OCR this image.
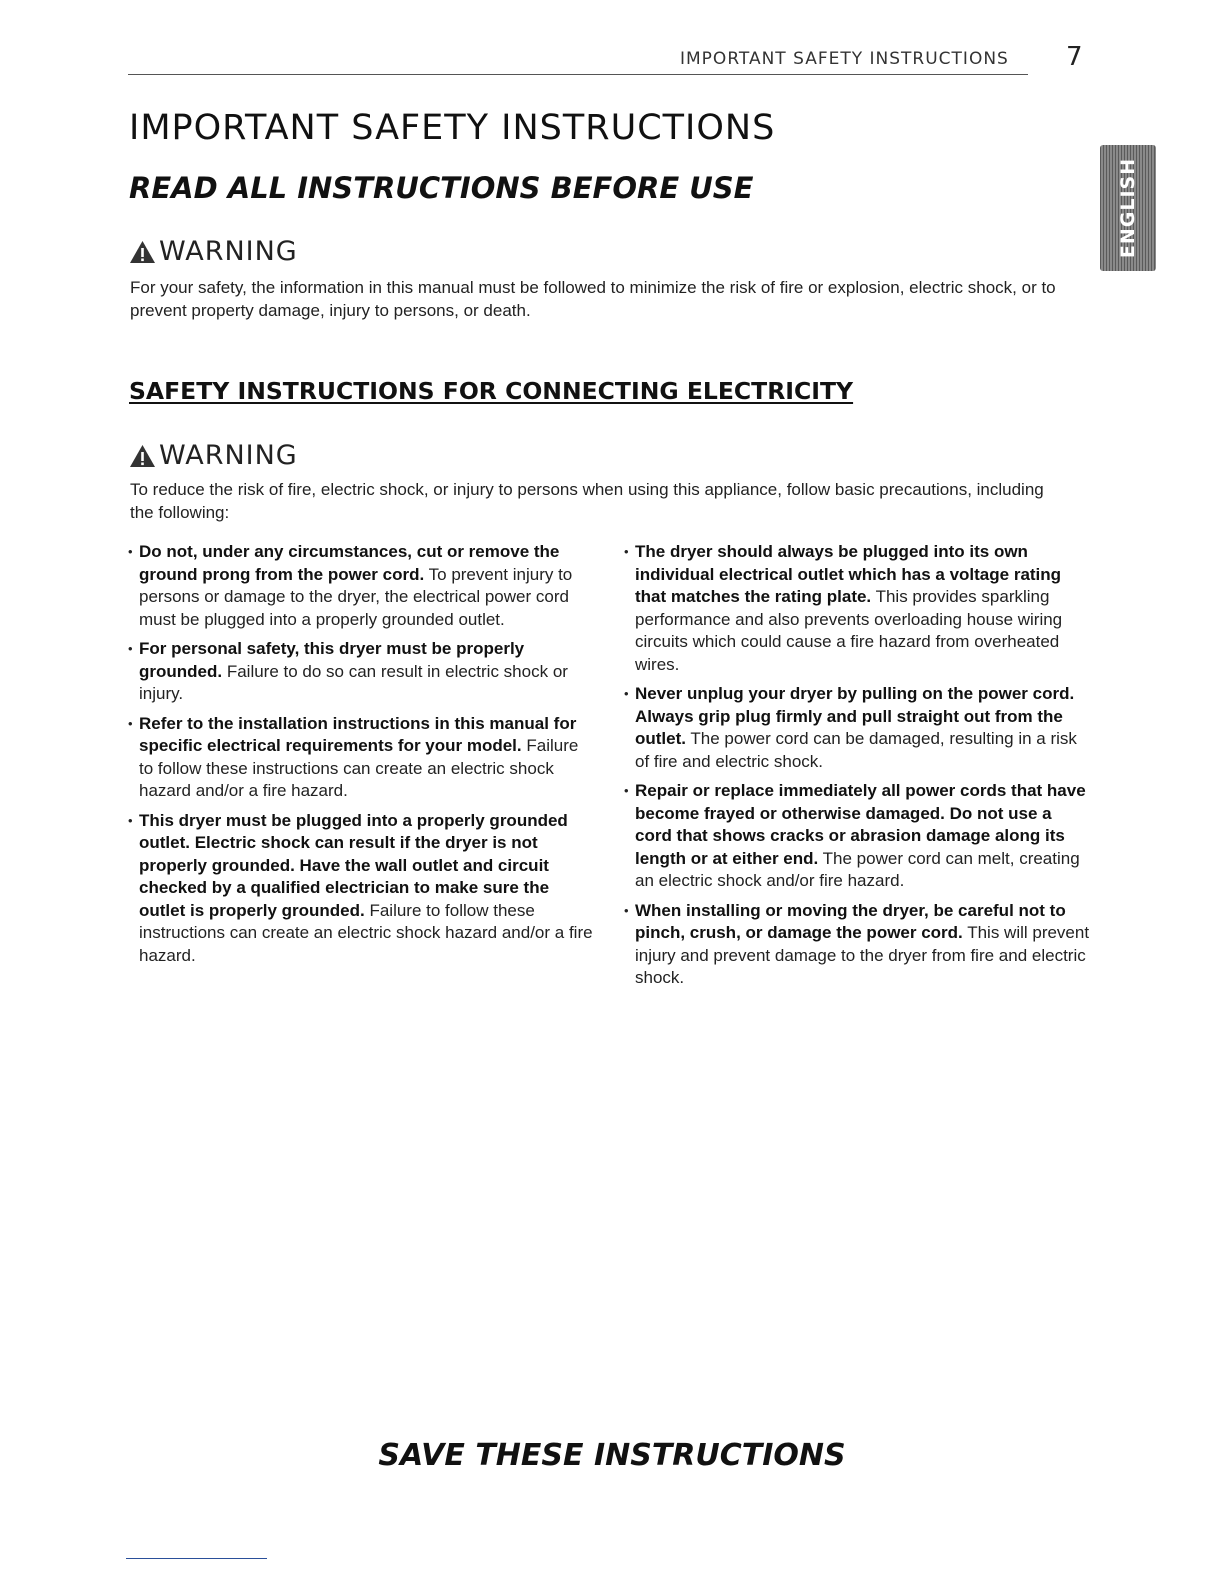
IMPORTANT SAFETY INSTRUCTIONS 7
ENGLISH
IMPORTANT SAFETY INSTRUCTIONS
READ ALL INSTRUCTIONS BEFORE USE
WARNING

For your safety, the information in this manual must be followed to minimize the risk of fire or explosion, electric shock, or to prevent property damage, injury to persons, or death.

SAFETY INSTRUCTIONS FOR CONNECTING ELECTRICITY
WARNING

To reduce the risk of fire, electric shock, or injury to persons when using this appliance, follow basic precautions, including the following:

• Do not, under any circumstances, cut or remove the ground prong from the power cord. To prevent injury to persons or damage to the dryer, the electrical power cord must be plugged into a properly grounded outlet.
• For personal safety, this dryer must be properly grounded. Failure to do so can result in electric shock or injury.
• Refer to the installation instructions in this manual for specific electrical requirements for your model. Failure to follow these instructions can create an electric shock hazard and/or a fire hazard.
• This dryer must be plugged into a properly grounded outlet. Electric shock can result if the dryer is not properly grounded. Have the wall outlet and circuit checked by a qualified electrician to make sure the outlet is properly grounded. Failure to follow these instructions can create an electric shock hazard and/or a fire hazard.
• The dryer should always be plugged into its own individual electrical outlet which has a voltage rating that matches the rating plate. This provides sparkling performance and also prevents overloading house wiring circuits which could cause a fire hazard from overheated wires.
• Never unplug your dryer by pulling on the power cord. Always grip plug firmly and pull straight out from the outlet. The power cord can be damaged, resulting in a risk of fire and electric shock.
• Repair or replace immediately all power cords that have become frayed or otherwise damaged. Do not use a cord that shows cracks or abrasion damage along its length or at either end. The power cord can melt, creating an electric shock and/or fire hazard.
• When installing or moving the dryer, be careful not to pinch, crush, or damage the power cord. This will prevent injury and prevent damage to the dryer from fire and electric shock.
SAVE THESE INSTRUCTIONS
